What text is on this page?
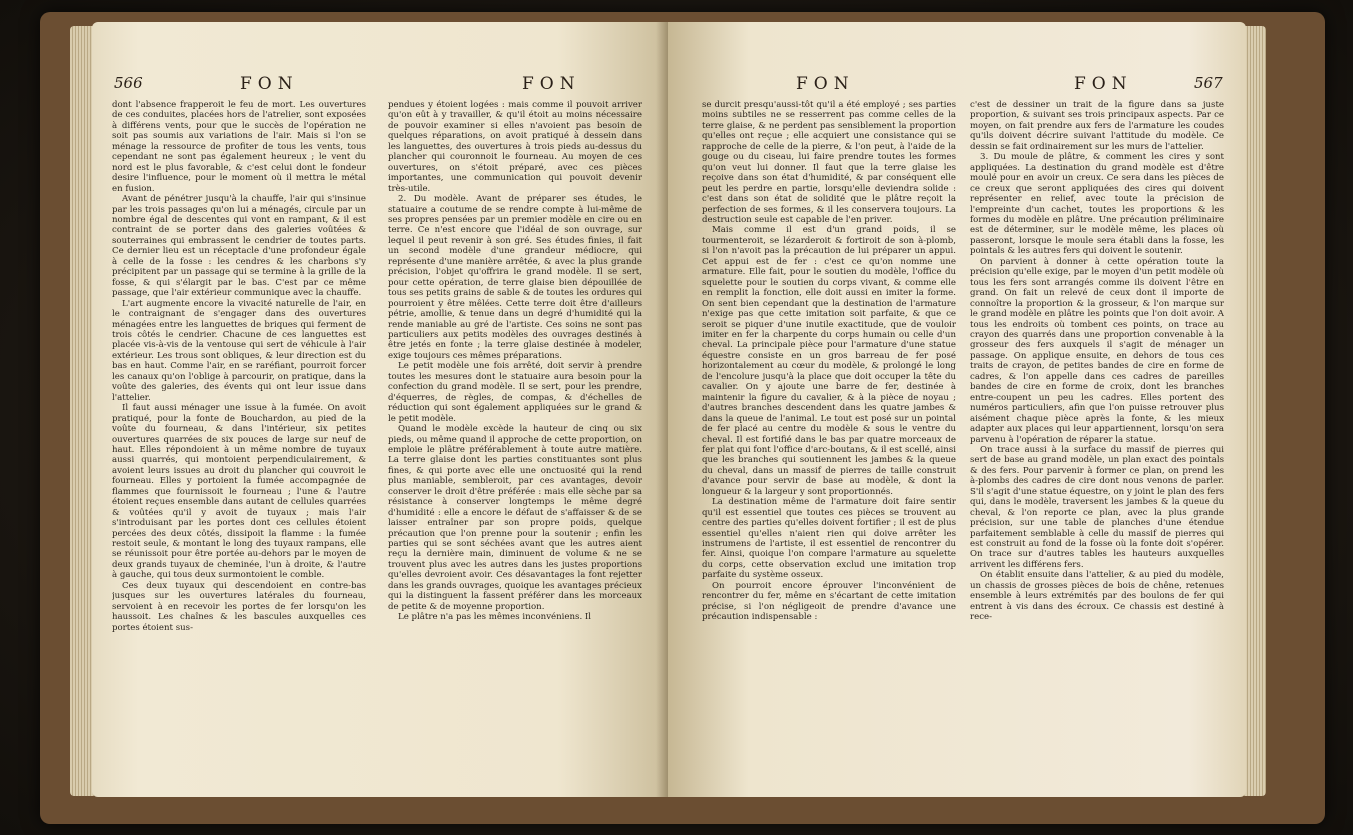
566	FON	FON

dont l'absence frapperoit le feu de mort. Les ouvertures de ces conduites, placées hors de l'atrelier, sont exposées à différens vents, pour que le succès de l'opération ne soit pas soumis aux variations de l'air. Mais si l'on se ménage la ressource de profiter de tous les vents, tous cependant ne sont pas également heureux ; le vent du nord est le plus favorable, & c'est celui dont le fondeur desire l'influence, pour le moment où il mettra le métal en fusion.

Avant de pénétrer jusqu'à la chauffe, l'air qui s'insinue par les trois passages qu'on lui a ménagés, circule par un nombre égal de descentes qui vont en rampant, & il est contraint de se porter dans des galeries voûtées & souterraines qui embrassent le cendrier de toutes parts. Ce dernier lieu est un réceptacle d'une profondeur égale à celle de la fosse : les cendres & les charbons s'y précipitent par un passage qui se termine à la grille de la fosse, & qui s'élargit par le bas. C'est par ce même passage, que l'air extérieur communique avec la chauffe.

L'art augmente encore la vivacité naturelle de l'air, en le contraignant de s'engager dans des ouvertures ménagées entre les languettes de briques qui ferment de trois côtés le cendrier. Chacune de ces languettes est placée vis-à-vis de la ventouse qui sert de véhicule à l'air extérieur. Les trous sont obliques, & leur direction est du bas en haut. Comme l'air, en se raréfiant, pourroit forcer les canaux qu'on l'oblige à parcourir, on pratique, dans la voûte des galeries, des évents qui ont leur issue dans l'attelier.

Il faut aussi ménager une issue à la fumée. On avoit pratiqué, pour la fonte de Bouchardon, au pied de la voûte du fourneau, & dans l'intérieur, six petites ouvertures quarrées de six pouces de large sur neuf de haut. Elles répondoient à un même nombre de tuyaux aussi quarrés, qui montoient perpendiculairement, & avoient leurs issues au droit du plancher qui couvroit le fourneau. Elles y portoient la fumée accompagnée de flammes que fournissoit le fourneau ; l'une & l'autre étoient reçues ensemble dans autant de cellules quarrées & voûtées qu'il y avoit de tuyaux ; mais l'air s'introduisant par les portes dont ces cellules étoient percées des deux côtés, dissipoit la flamme : la fumée restoit seule, & montant le long des tuyaux rampans, elle se réunissoit pour être portée au-dehors par le moyen de deux grands tuyaux de cheminée, l'un à droite, & l'autre à gauche, qui tous deux surmontoient le comble.

Ces deux tuyaux qui descendoient en contre-bas jusques sur les ouvertures latérales du fourneau, servoient à en recevoir les portes de fer lorsqu'on les haussoit. Les chaînes & les bascules auxquelles ces portes étoient sus-

pendues y étoient logées : mais comme il pouvoit arriver qu'on eût à y travailler, & qu'il étoit au moins nécessaire de pouvoir examiner si elles n'avoient pas besoin de quelques réparations, on avoit pratiqué à dessein dans les languettes, des ouvertures à trois pieds au-dessus du plancher qui couronnoit le fourneau. Au moyen de ces ouvertures, on s'étoit préparé, avec ces pièces importantes, une communication qui pouvoit devenir très-utile.

2. Du modèle. Avant de préparer ses études, le statuaire a coutume de se rendre compte à lui-même de ses propres pensées par un premier modèle en cire ou en terre. Ce n'est encore que l'idéal de son ouvrage, sur lequel il peut revenir à son gré. Ses études finies, il fait un second modèle d'une grandeur médiocre, qui représente d'une manière arrêtée, & avec la plus grande précision, l'objet qu'offrira le grand modèle. Il se sert, pour cette opération, de terre glaise bien dépouillée de tous ses petits grains de sable & de toutes les ordures qui pourroient y être mêlées. Cette terre doit être d'ailleurs pétrie, amollie, & tenue dans un degré d'humidité qui la rende maniable au gré de l'artiste. Ces soins ne sont pas particuliers aux petits modèles des ouvrages destinés à être jetés en fonte ; la terre glaise destinée à modeler, exige toujours ces mêmes préparations.

Le petit modèle une fois arrêté, doit servir à prendre toutes les mesures dont le statuaire aura besoin pour la confection du grand modèle. Il se sert, pour les prendre, d'équerres, de règles, de compas, & d'échelles de réduction qui sont également appliquées sur le grand & le petit modèle.

Quand le modèle excède la hauteur de cinq ou six pieds, ou même quand il approche de cette proportion, on emploie le plâtre préférablement à toute autre matière. La terre glaise dont les parties constituantes sont plus fines, & qui porte avec elle une onctuosité qui la rend plus maniable, sembleroit, par ces avantages, devoir conserver le droit d'être préférée : mais elle sèche par sa résistance à conserver longtemps le même degré d'humidité : elle a encore le défaut de s'affaisser & de se laisser entraîner par son propre poids, quelque précaution que l'on prenne pour la soutenir ; enfin les parties qui se sont séchées avant que les autres aient reçu la dernière main, diminuent de volume & ne se trouvent plus avec les autres dans les justes proportions qu'elles devroient avoir. Ces désavantages la font rejetter dans les grands ouvrages, quoique les avantages précieux qui la distinguent la fassent préférer dans les morceaux de petite & de moyenne proportion.

Le plâtre n'a pas les mêmes inconvéniens. Il

FON	FON	567

se durcit presqu'aussi-tôt qu'il a été employé ; ses parties moins subtiles ne se resserrent pas comme celles de la terre glaise, & ne perdent pas sensiblement la proportion qu'elles ont reçue ; elle acquiert une consistance qui se rapproche de celle de la pierre, & l'on peut, à l'aide de la gouge ou du ciseau, lui faire prendre toutes les formes qu'on veut lui donner. Il faut que la terre glaise les reçoive dans son état d'humidité, & par conséquent elle peut les perdre en partie, lorsqu'elle deviendra solide : c'est dans son état de solidité que le plâtre reçoit la perfection de ses formes, & il les conservera toujours. La destruction seule est capable de l'en priver.

Mais comme il est d'un grand poids, il se tourmenteroit, se lézarderoit & fortiroit de son à-plomb, si l'on n'avoit pas la précaution de lui préparer un appui. Cet appui est de fer : c'est ce qu'on nomme une armature. Elle fait, pour le soutien du modèle, l'office du squelette pour le soutien du corps vivant, & comme elle en remplit la fonction, elle doit aussi en imiter la forme. On sent bien cependant que la destination de l'armature n'exige pas que cette imitation soit parfaite, & que ce seroit se piquer d'une inutile exactitude, que de vouloir imiter en fer la charpente du corps humain ou celle d'un cheval. La principale pièce pour l'armature d'une statue équestre consiste en un gros barreau de fer posé horizontalement au cœur du modèle, & prolongé le long de l'encolure jusqu'à la place que doit occuper la tête du cavalier. On y ajoute une barre de fer, destinée à maintenir la figure du cavalier, & à la pièce de noyau ; d'autres branches descendent dans les quatre jambes & dans la queue de l'animal. Le tout est posé sur un pointal de fer placé au centre du modèle & sous le ventre du cheval. Il est fortifié dans le bas par quatre morceaux de fer plat qui font l'office d'arc-boutans, & il est scellé, ainsi que les branches qui soutiennent les jambes & la queue du cheval, dans un massif de pierres de taille construit d'avance pour servir de base au modèle, & dont la longueur & la largeur y sont proportionnés.

La destination même de l'armature doit faire sentir qu'il est essentiel que toutes ces pièces se trouvent au centre des parties qu'elles doivent fortifier ; il est de plus essentiel qu'elles n'aient rien qui doive arrêter les instrumens de l'artiste, il est essentiel de rencontrer du fer. Ainsi, quoique l'on compare l'armature au squelette du corps, cette observation exclud une imitation trop parfaite du système osseux.

On pourroit encore éprouver l'inconvénient de rencontrer du fer, même en s'écartant de cette imitation précise, si l'on négligeoit de prendre d'avance une précaution indispensable :

c'est de dessiner un trait de la figure dans sa juste proportion, & suivant ses trois principaux aspects. Par ce moyen, on fait prendre aux fers de l'armature les coudes qu'ils doivent décrire suivant l'attitude du modèle. Ce dessin se fait ordinairement sur les murs de l'attelier.

3. Du moule de plâtre, & comment les cires y sont appliquées. La destination du grand modèle est d'être moulé pour en avoir un creux. Ce sera dans les pièces de ce creux que seront appliquées des cires qui doivent représenter en relief, avec toute la précision de l'empreinte d'un cachet, toutes les proportions & les formes du modèle en plâtre. Une précaution préliminaire est de déterminer, sur le modèle même, les places où passeront, lorsque le moule sera établi dans la fosse, les pointals & les autres fers qui doivent le soutenir.

On parvient à donner à cette opération toute la précision qu'elle exige, par le moyen d'un petit modèle où tous les fers sont arrangés comme ils doivent l'être en grand. On fait un relevé de ceux dont il importe de connoître la proportion & la grosseur, & l'on marque sur le grand modèle en plâtre les points que l'on doit avoir. A tous les endroits où tombent ces points, on trace au crayon des quarrés dans une proportion convenable à la grosseur des fers auxquels il s'agit de ménager un passage. On applique ensuite, en dehors de tous ces traits de crayon, de petites bandes de cire en forme de cadres, & l'on appelle dans ces cadres de pareilles bandes de cire en forme de croix, dont les branches entre-coupent un peu les cadres. Elles portent des numéros particuliers, afin que l'on puisse retrouver plus aisément chaque pièce après la fonte, & les mieux adapter aux places qui leur appartiennent, lorsqu'on sera parvenu à l'opération de réparer la statue.

On trace aussi à la surface du massif de pierres qui sert de base au grand modèle, un plan exact des pointals & des fers. Pour parvenir à former ce plan, on prend les à-plombs des cadres de cire dont nous venons de parler. S'il s'agit d'une statue équestre, on y joint le plan des fers qui, dans le modèle, traversent les jambes & la queue du cheval, & l'on reporte ce plan, avec la plus grande précision, sur une table de planches d'une étendue parfaitement semblable à celle du massif de pierres qui est construit au fond de la fosse où la fonte doit s'opérer. On trace sur d'autres tables les hauteurs auxquelles arrivent les différens fers.

On établit ensuite dans l'attelier, & au pied du modèle, un chassis de grosses pièces de bois de chêne, retenues ensemble à leurs extrémités par des boulons de fer qui entrent à vis dans des écroux. Ce chassis est destiné à rece-
